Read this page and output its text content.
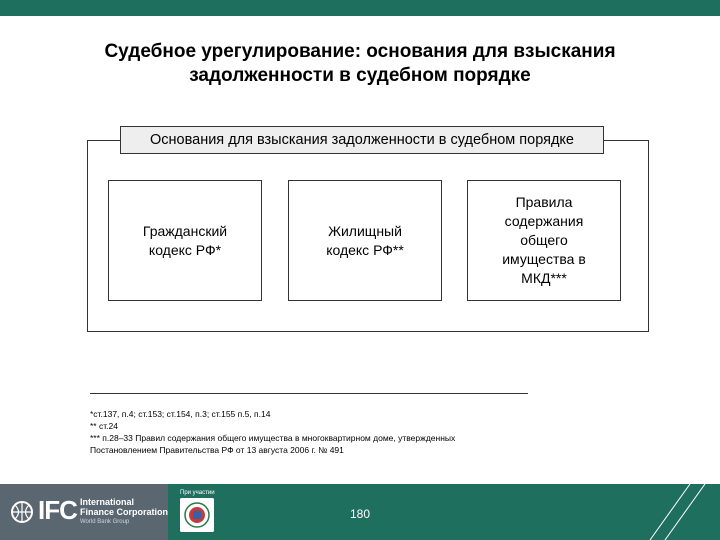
Судебное урегулирование: основания для взыскания
задолженности в судебном порядке
Основания для взыскания задолженности в судебном порядке
Гражданский
кодекс РФ*
Жилищный
кодекс РФ**
Правила
содержания
общего
имущества в
МКД***
*ст.137, п.4; ст.153; ст.154, п.3; ст.155 п.5, п.14
** ст.24
*** п.28–33 Правил содержания общего имущества в многоквартирном доме, утвержденных
Постановлением Правительства РФ от 13 августа 2006 г. № 491
IFC International
Finance Corporation
World Bank Group
При участии
180
